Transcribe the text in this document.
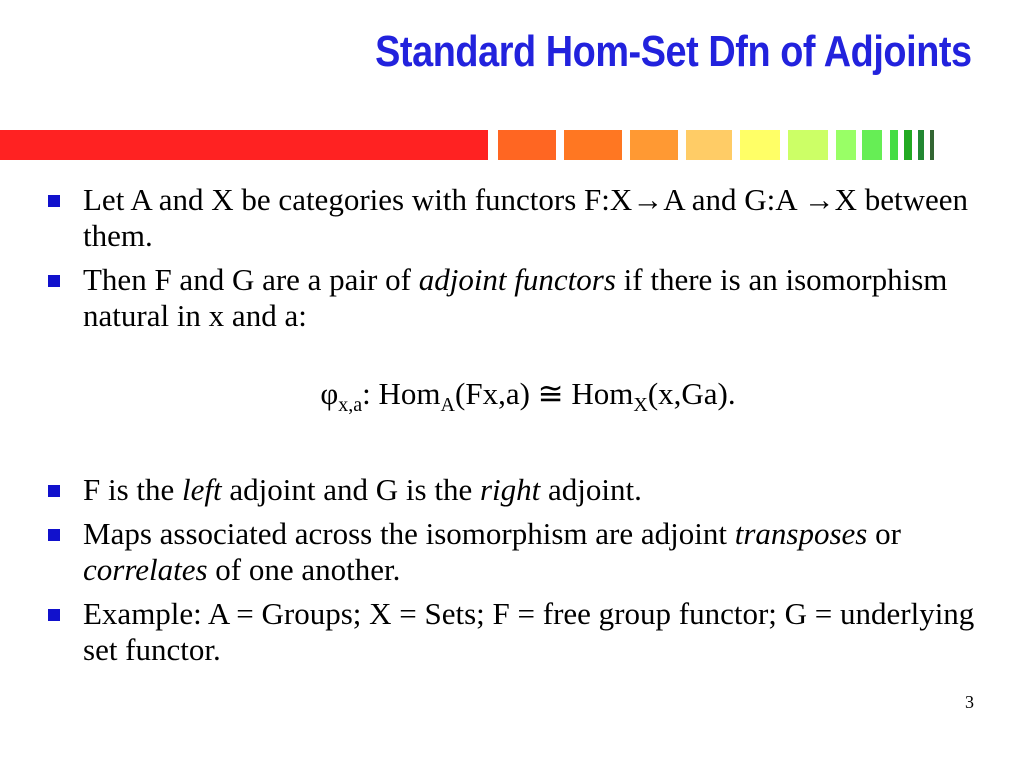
Standard Hom-Set Dfn of Adjoints
Let A and X be categories with functors F:X→A and G:A →X between them.
Then F and G are a pair of adjoint functors if there is an isomorphism natural in x and a:
$\varphi_{x,a}$: Hom$_A$(Fx,a) ≅ Hom$_X$(x,Ga).
F is the left adjoint and G is the right adjoint.
Maps associated across the isomorphism are adjoint transposes or correlates of one another.
Example: A = Groups; X = Sets; F = free group functor; G = underlying set functor.
3
